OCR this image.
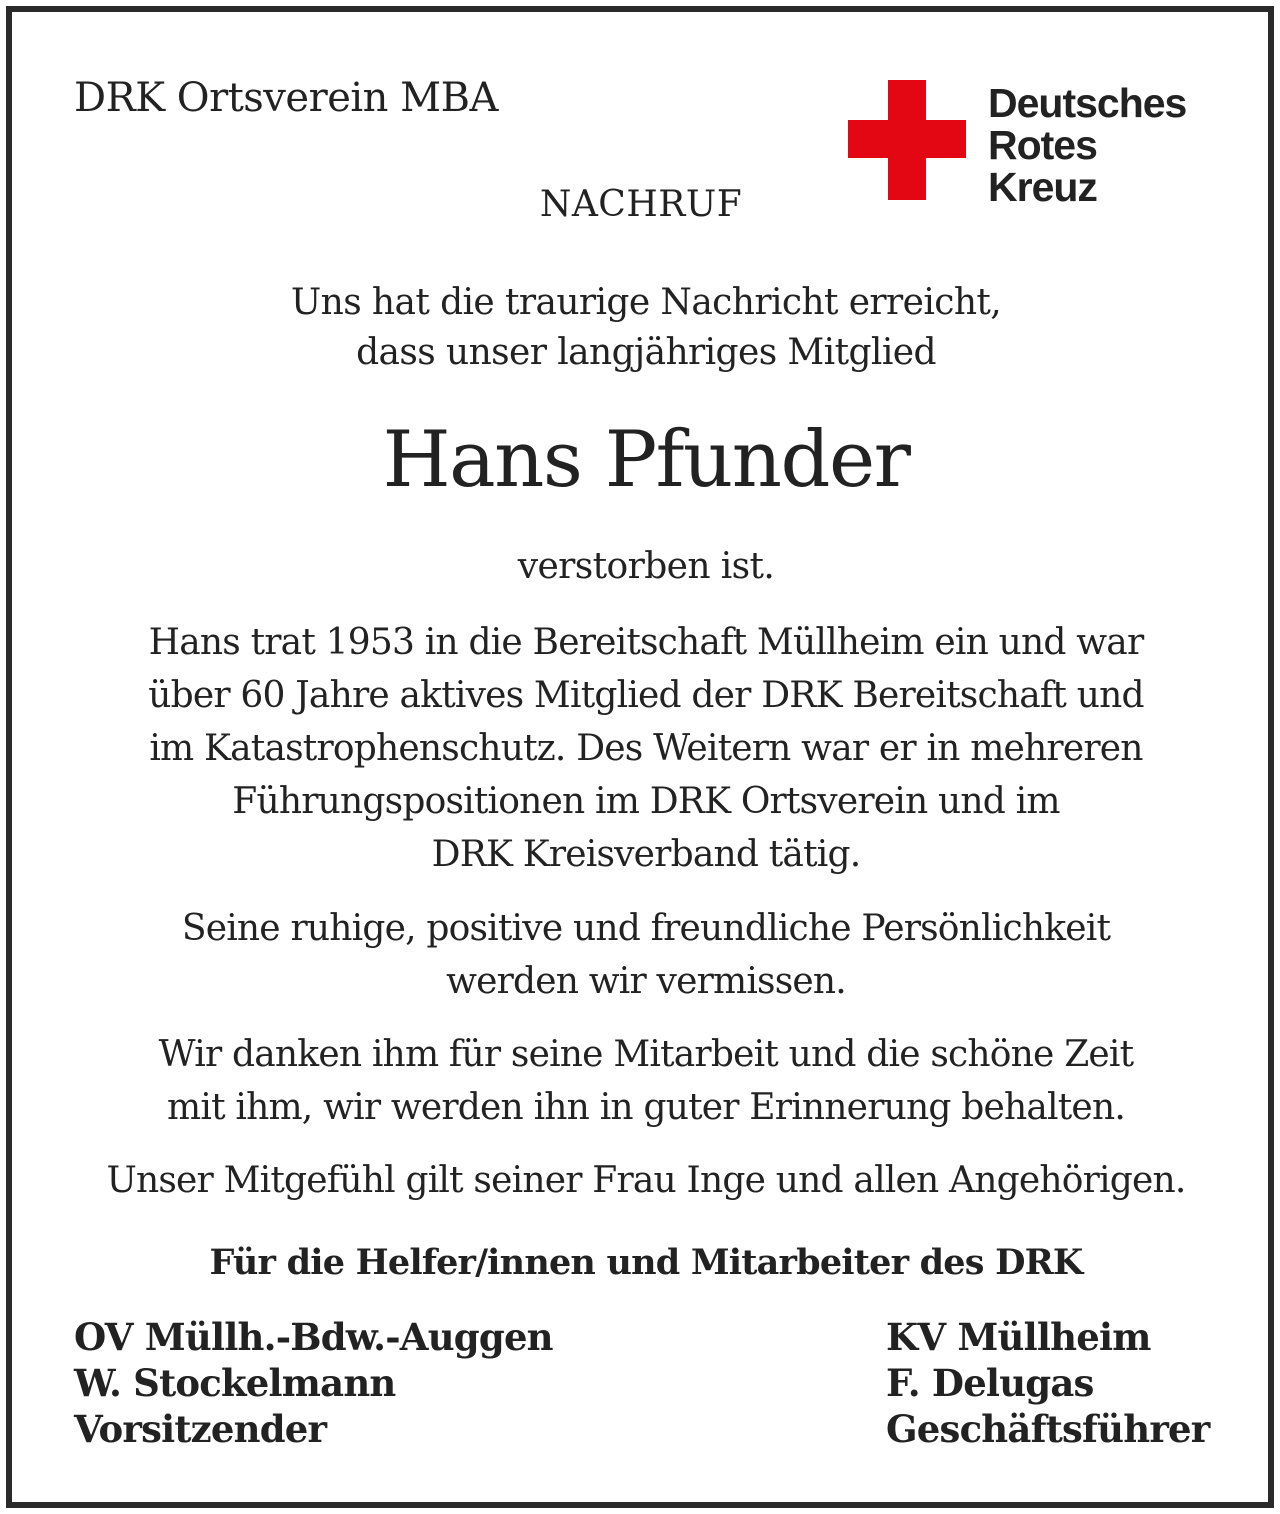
DRK Ortsverein MBA	Deutsches
Rotes
Kreuz
NACHRUF
Uns hat die traurige Nachricht erreicht,
dass unser langjähriges Mitglied
Hans Pfunder
verstorben ist.
Hans trat 1953 in die Bereitschaft Müllheim ein und war
über 60 Jahre aktives Mitglied der DRK Bereitschaft und
im Katastrophenschutz. Des Weitern war er in mehreren
Führungspositionen im DRK Ortsverein und im
DRK Kreisverband tätig.
Seine ruhige, positive und freundliche Persönlichkeit
werden wir vermissen.
Wir danken ihm für seine Mitarbeit und die schöne Zeit
mit ihm, wir werden ihn in guter Erinnerung behalten.
Unser Mitgefühl gilt seiner Frau Inge und allen Angehörigen.
Für die Helfer/innen und Mitarbeiter des DRK
OV Müllh.-Bdw.-Auggen
W. Stockelmann
Vorsitzender
KV Müllheim
F. Delugas
Geschäftsführer
